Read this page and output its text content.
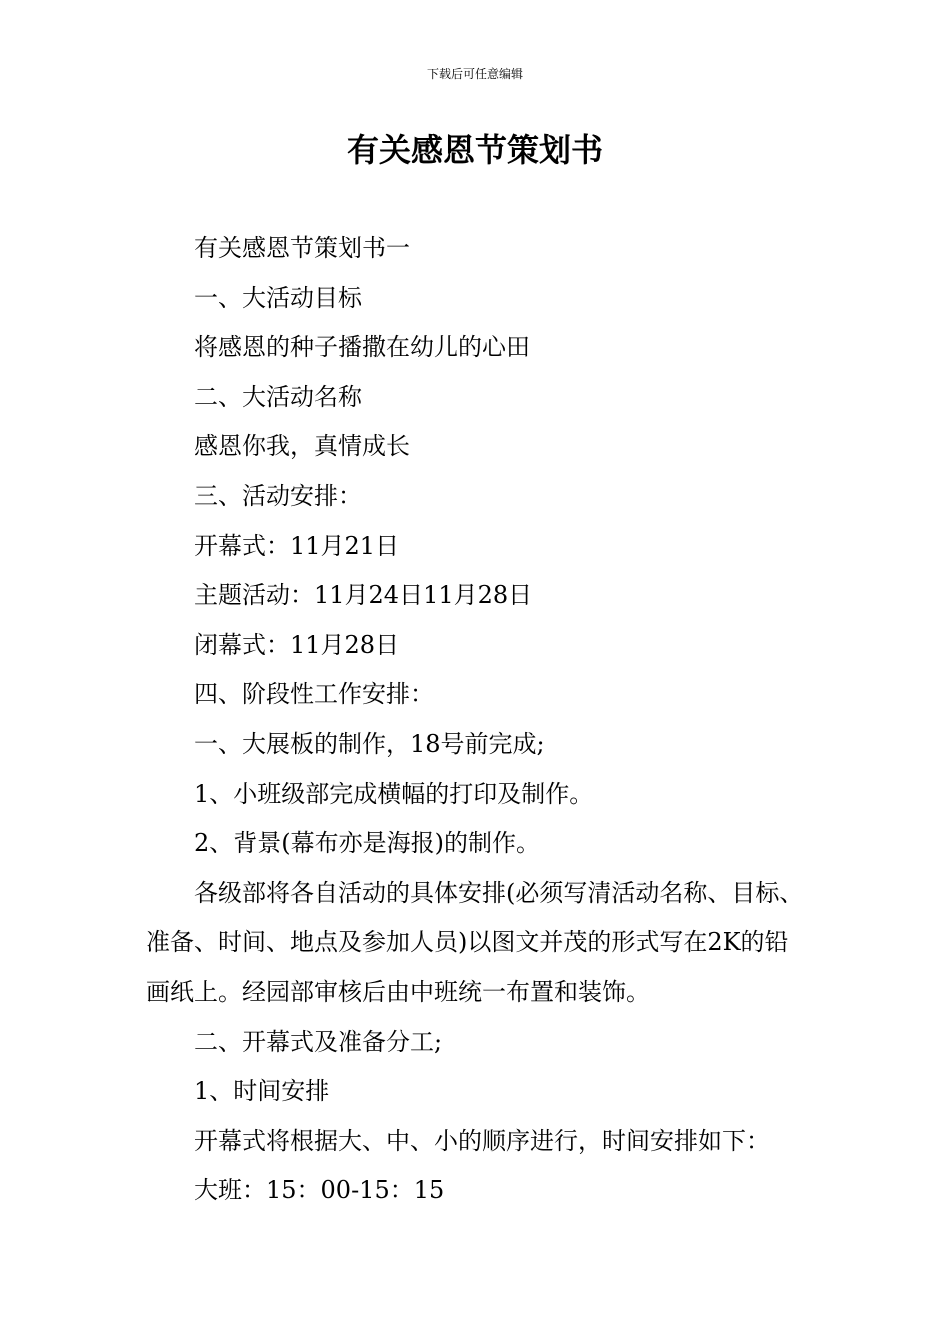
下载后可任意编辑
有关感恩节策划书

有关感恩节策划书一

一、大活动目标

将感恩的种子播撒在幼儿的心田

二、大活动名称

感恩你我，真情成长

三、活动安排：

开幕式：11月21日

主题活动：11月24日11月28日

闭幕式：11月28日

四、阶段性工作安排：

一、大展板的制作，18号前完成;

1、小班级部完成横幅的打印及制作。

2、背景(幕布亦是海报)的制作。

各级部将各自活动的具体安排(必须写清活动名称、目标、准备、时间、地点及参加人员)以图文并茂的形式写在2K的铅画纸上。经园部审核后由中班统一布置和装饰。

二、开幕式及准备分工;

1、时间安排

开幕式将根据大、中、小的顺序进行，时间安排如下：

大班：15：00-15：15
